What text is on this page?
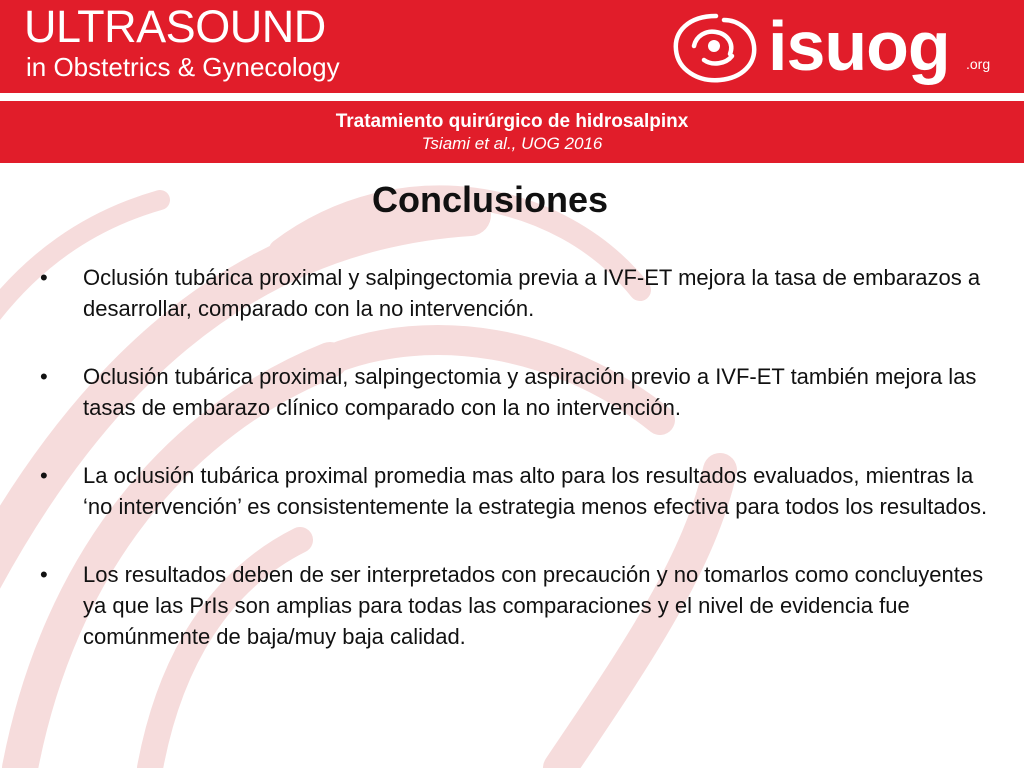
ULTRASOUND
in Obstetrics & Gynecology	isuog .org
Tratamiento quirúrgico de hidrosalpinx
Tsiami et al., UOG 2016
Conclusiones
• Oclusión tubárica proximal y salpingectomia previa a IVF-ET mejora la tasa de embarazos a desarrollar, comparado con la no intervención.
• Oclusión tubárica proximal, salpingectomia y aspiración previo a IVF-ET también mejora las tasas de embarazo clínico comparado con la no intervención.
• La oclusión tubárica proximal promedia mas alto para los resultados evaluados, mientras la ‘no intervención’ es consistentemente la estrategia menos efectiva para todos los resultados.
• Los resultados deben de ser interpretados con precaución y no tomarlos como concluyentes ya que las PrIs son amplias para todas las comparaciones y el nivel de evidencia fue comúnmente de baja/muy baja calidad.
